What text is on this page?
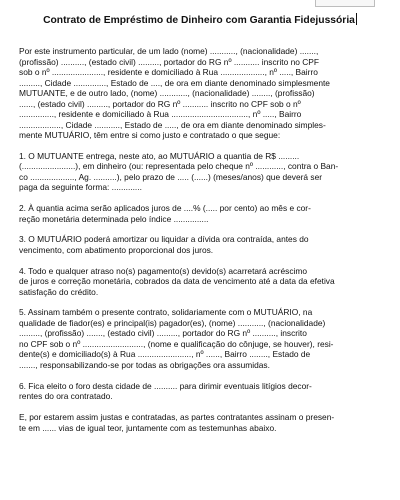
Contrato de Empréstimo de Dinheiro com Garantia Fidejussória
Por este instrumento particular, de um lado (nome) ..........., (nacionalidade) .......,
(profissão) .........., (estado civil) ........., portador do RG nº ........... inscrito no CPF
sob o nº ......................, residente e domiciliado à Rua ..................., nº ....., Bairro
........., Cidade .............., Estado de ...., de ora em diante denominado simplesmente
MUTUANTE, e de outro lado, (nome) ............, (nacionalidade) ........, (profissão)
......, (estado civil) ........., portador do RG nº ........... inscrito no CPF sob o nº
..............., residente e domiciliado à Rua ................................., nº ....., Bairro
.................., Cidade ..........., Estado de ....., de ora em diante denominado simples-
mente MUTUÁRIO, têm entre si como justo e contratado o que segue:
1. O MUTUANTE entrega, neste ato, ao MUTUÁRIO a quantia de R$ .........
(.......................), em dinheiro (ou: representada pelo cheque nº ............, contra o Ban-
co ..................., Ag. ..........), pelo prazo de ..... (......) (meses/anos) que deverá ser
paga da seguinte forma: .............
2. À quantia acima serão aplicados juros de ....% (..... por cento) ao mês e cor-
reção monetária determinada pelo índice ...............
3. O MUTUÁRIO poderá amortizar ou liquidar a dívida ora contraída, antes do
vencimento, com abatimento proporcional dos juros.
4. Todo e qualquer atraso no(s) pagamento(s) devido(s) acarretará acréscimo
de juros e correção monetária, cobrados da data de vencimento até a data da efetiva
satisfação do crédito.
5. Assinam também o presente contrato, solidariamente com o MUTUÁRIO, na
qualidade de fiador(es) e principal(is) pagador(es), (nome) ..........., (nacionalidade)
........., (profissão) ......., (estado civil) ........., portador do RG nº .........., inscrito
no CPF sob o nº .........................., (nome e qualificação do cônjuge, se houver), resi-
dente(s) e domiciliado(s) à Rua ......................., nº ......, Bairro ........, Estado de
......., responsabilizando-se por todas as obrigações ora assumidas.
6. Fica eleito o foro desta cidade de .......... para dirimir eventuais litígios decor-
rentes do ora contratado.
E, por estarem assim justas e contratadas, as partes contratantes assinam o presen-
te em ...... vias de igual teor, juntamente com as testemunhas abaixo.
